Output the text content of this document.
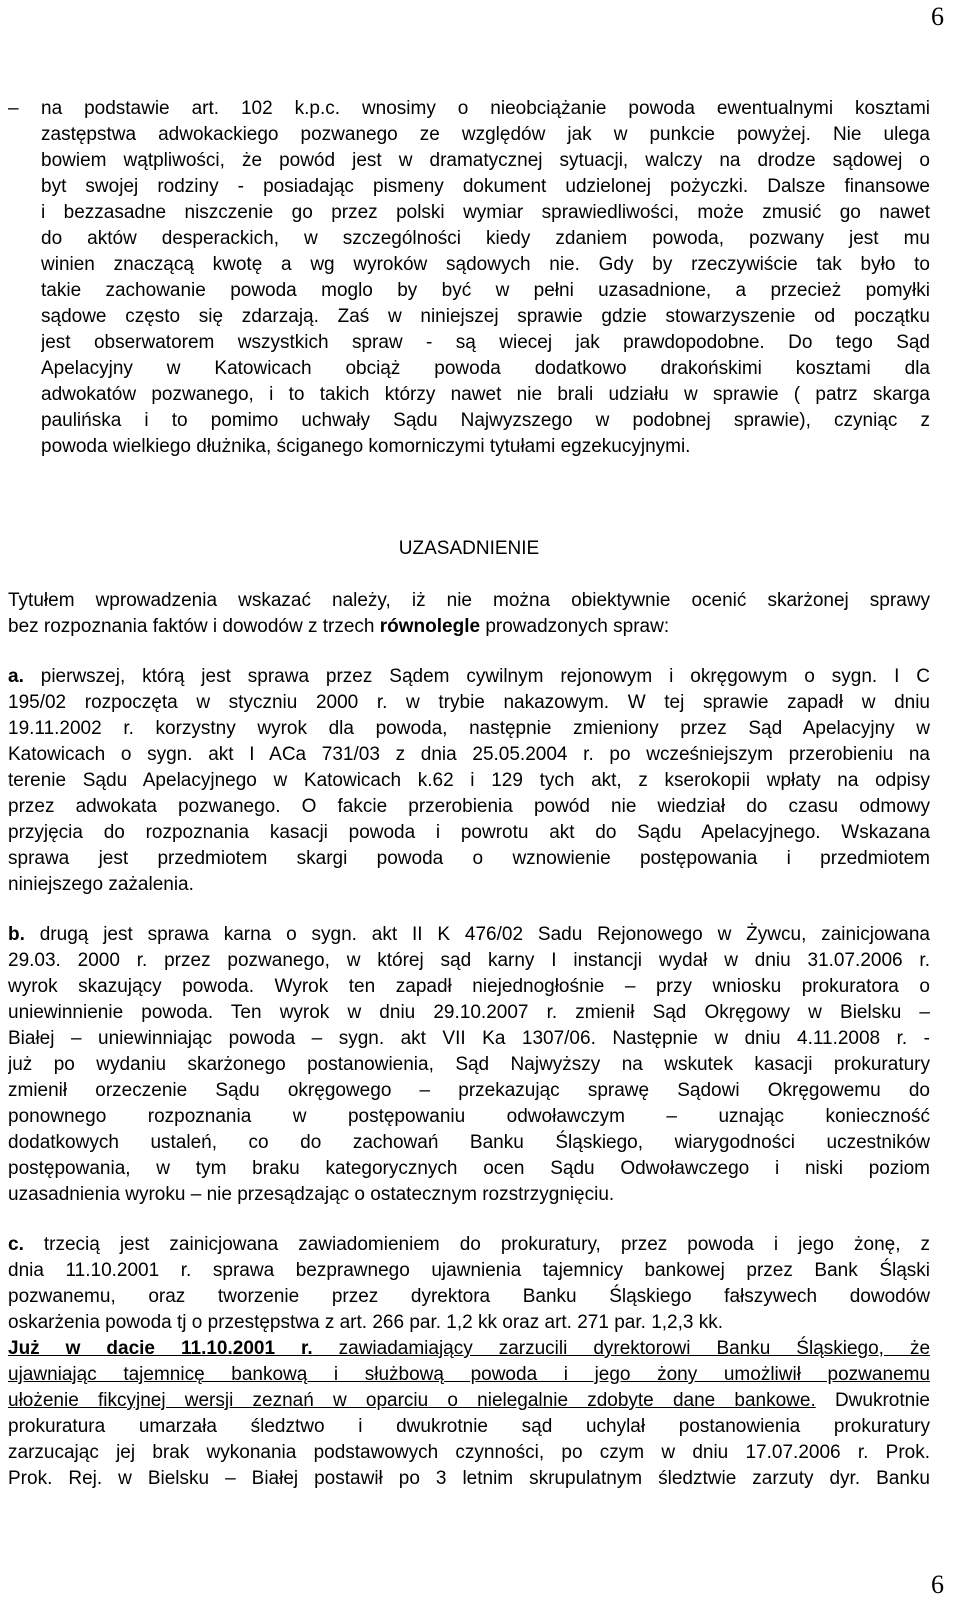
6
– na podstawie art. 102 k.p.c. wnosimy o nieobciążanie powoda ewentualnymi kosztami
zastępstwa adwokackiego pozwanego ze względów jak w punkcie powyżej. Nie ulega
bowiem wątpliwości, że powód jest w dramatycznej sytuacji, walczy na drodze sądowej o
byt swojej rodziny - posiadając pismeny dokument udzielonej pożyczki. Dalsze finansowe
i bezzasadne niszczenie go przez polski wymiar sprawiedliwości, może zmusić go nawet
do aktów desperackich, w szczególności kiedy zdaniem powoda, pozwany jest mu
winien znaczącą kwotę a wg wyroków sądowych nie. Gdy by rzeczywiście tak było to
takie zachowanie powoda moglo by być w pełni uzasadnione, a przecież pomyłki
sądowe często się zdarzają. Zaś w niniejszej sprawie gdzie stowarzyszenie od początku
jest obserwatorem wszystkich spraw - są wiecej jak prawdopodobne. Do tego Sąd
Apelacyjny w Katowicach obciąż powoda dodatkowo drakońskimi kosztami dla
adwokatów pozwanego, i to takich którzy nawet nie brali udziału w sprawie ( patrz skarga
paulińska i to pomimo uchwały Sądu Najwyzszego w podobnej sprawie), czyniąc z
powoda wielkiego dłużnika, ściganego komorniczymi tytułami egzekucyjnymi.
UZASADNIENIE
Tytułem wprowadzenia wskazać należy, iż nie można obiektywnie ocenić skarżonej sprawy
bez rozpoznania faktów i dowodów z trzech równolegle prowadzonych spraw:
a. pierwszej, którą jest sprawa przez Sądem cywilnym rejonowym i okręgowym o sygn. I C
195/02 rozpoczęta w styczniu 2000 r. w trybie nakazowym. W tej sprawie zapadł w dniu
19.11.2002 r. korzystny wyrok dla powoda, następnie zmieniony przez Sąd Apelacyjny w
Katowicach o sygn. akt I ACa 731/03 z dnia 25.05.2004 r. po wcześniejszym przerobieniu na
terenie Sądu Apelacyjnego w Katowicach k.62 i 129 tych akt, z kserokopii wpłaty na odpisy
przez adwokata pozwanego. O fakcie przerobienia powód nie wiedział do czasu odmowy
przyjęcia do rozpoznania kasacji powoda i powrotu akt do Sądu Apelacyjnego. Wskazana
sprawa jest przedmiotem skargi powoda o wznowienie postępowania i przedmiotem
niniejszego zażalenia.
b. drugą jest sprawa karna o sygn. akt II K 476/02 Sadu Rejonowego w Żywcu, zainicjowana
29.03. 2000 r. przez pozwanego, w której sąd karny I instancji wydał w dniu 31.07.2006 r.
wyrok skazujący powoda. Wyrok ten zapadł niejednogłośnie – przy wniosku prokuratora o
uniewinnienie powoda. Ten wyrok w dniu 29.10.2007 r. zmienił Sąd Okręgowy w Bielsku –
Białej – uniewinniając powoda – sygn. akt VII Ka 1307/06. Następnie w dniu 4.11.2008 r. -
już po wydaniu skarżonego postanowienia, Sąd Najwyższy na wskutek kasacji prokuratury
zmienił orzeczenie Sądu okręgowego – przekazując sprawę Sądowi Okręgowemu do
ponownego rozpoznania w postępowaniu odwoławczym – uznając konieczność
dodatkowych ustaleń, co do zachowań Banku Śląskiego, wiarygodności uczestników
postępowania, w tym braku kategorycznych ocen Sądu Odwoławczego i niski poziom
uzasadnienia wyroku – nie przesądzając o ostatecznym rozstrzygnięciu.
c. trzecią jest zainicjowana zawiadomieniem do prokuratury, przez powoda i jego żonę, z
dnia 11.10.2001 r. sprawa bezprawnego ujawnienia tajemnicy bankowej przez Bank Śląski
pozwanemu, oraz tworzenie przez dyrektora Banku Śląskiego fałszywech dowodów
oskarżenia powoda tj o przestępstwa z art. 266 par. 1,2 kk oraz art. 271 par. 1,2,3 kk.
Już w dacie 11.10.2001 r. zawiadamiający zarzucili dyrektorowi Banku Śląskiego, że
ujawniając tajemnicę bankową i służbową powoda i jego żony umożliwił pozwanemu
ułożenie fikcyjnej wersji zeznań w oparciu o nielegalnie zdobyte dane bankowe. Dwukrotnie
prokuratura umarzała śledztwo i dwukrotnie sąd uchylał postanowienia prokuratury
zarzucając jej brak wykonania podstawowych czynności, po czym w dniu 17.07.2006 r. Prok.
Prok. Rej. w Bielsku – Białej postawił po 3 letnim skrupulatnym śledztwie zarzuty dyr. Banku
6
